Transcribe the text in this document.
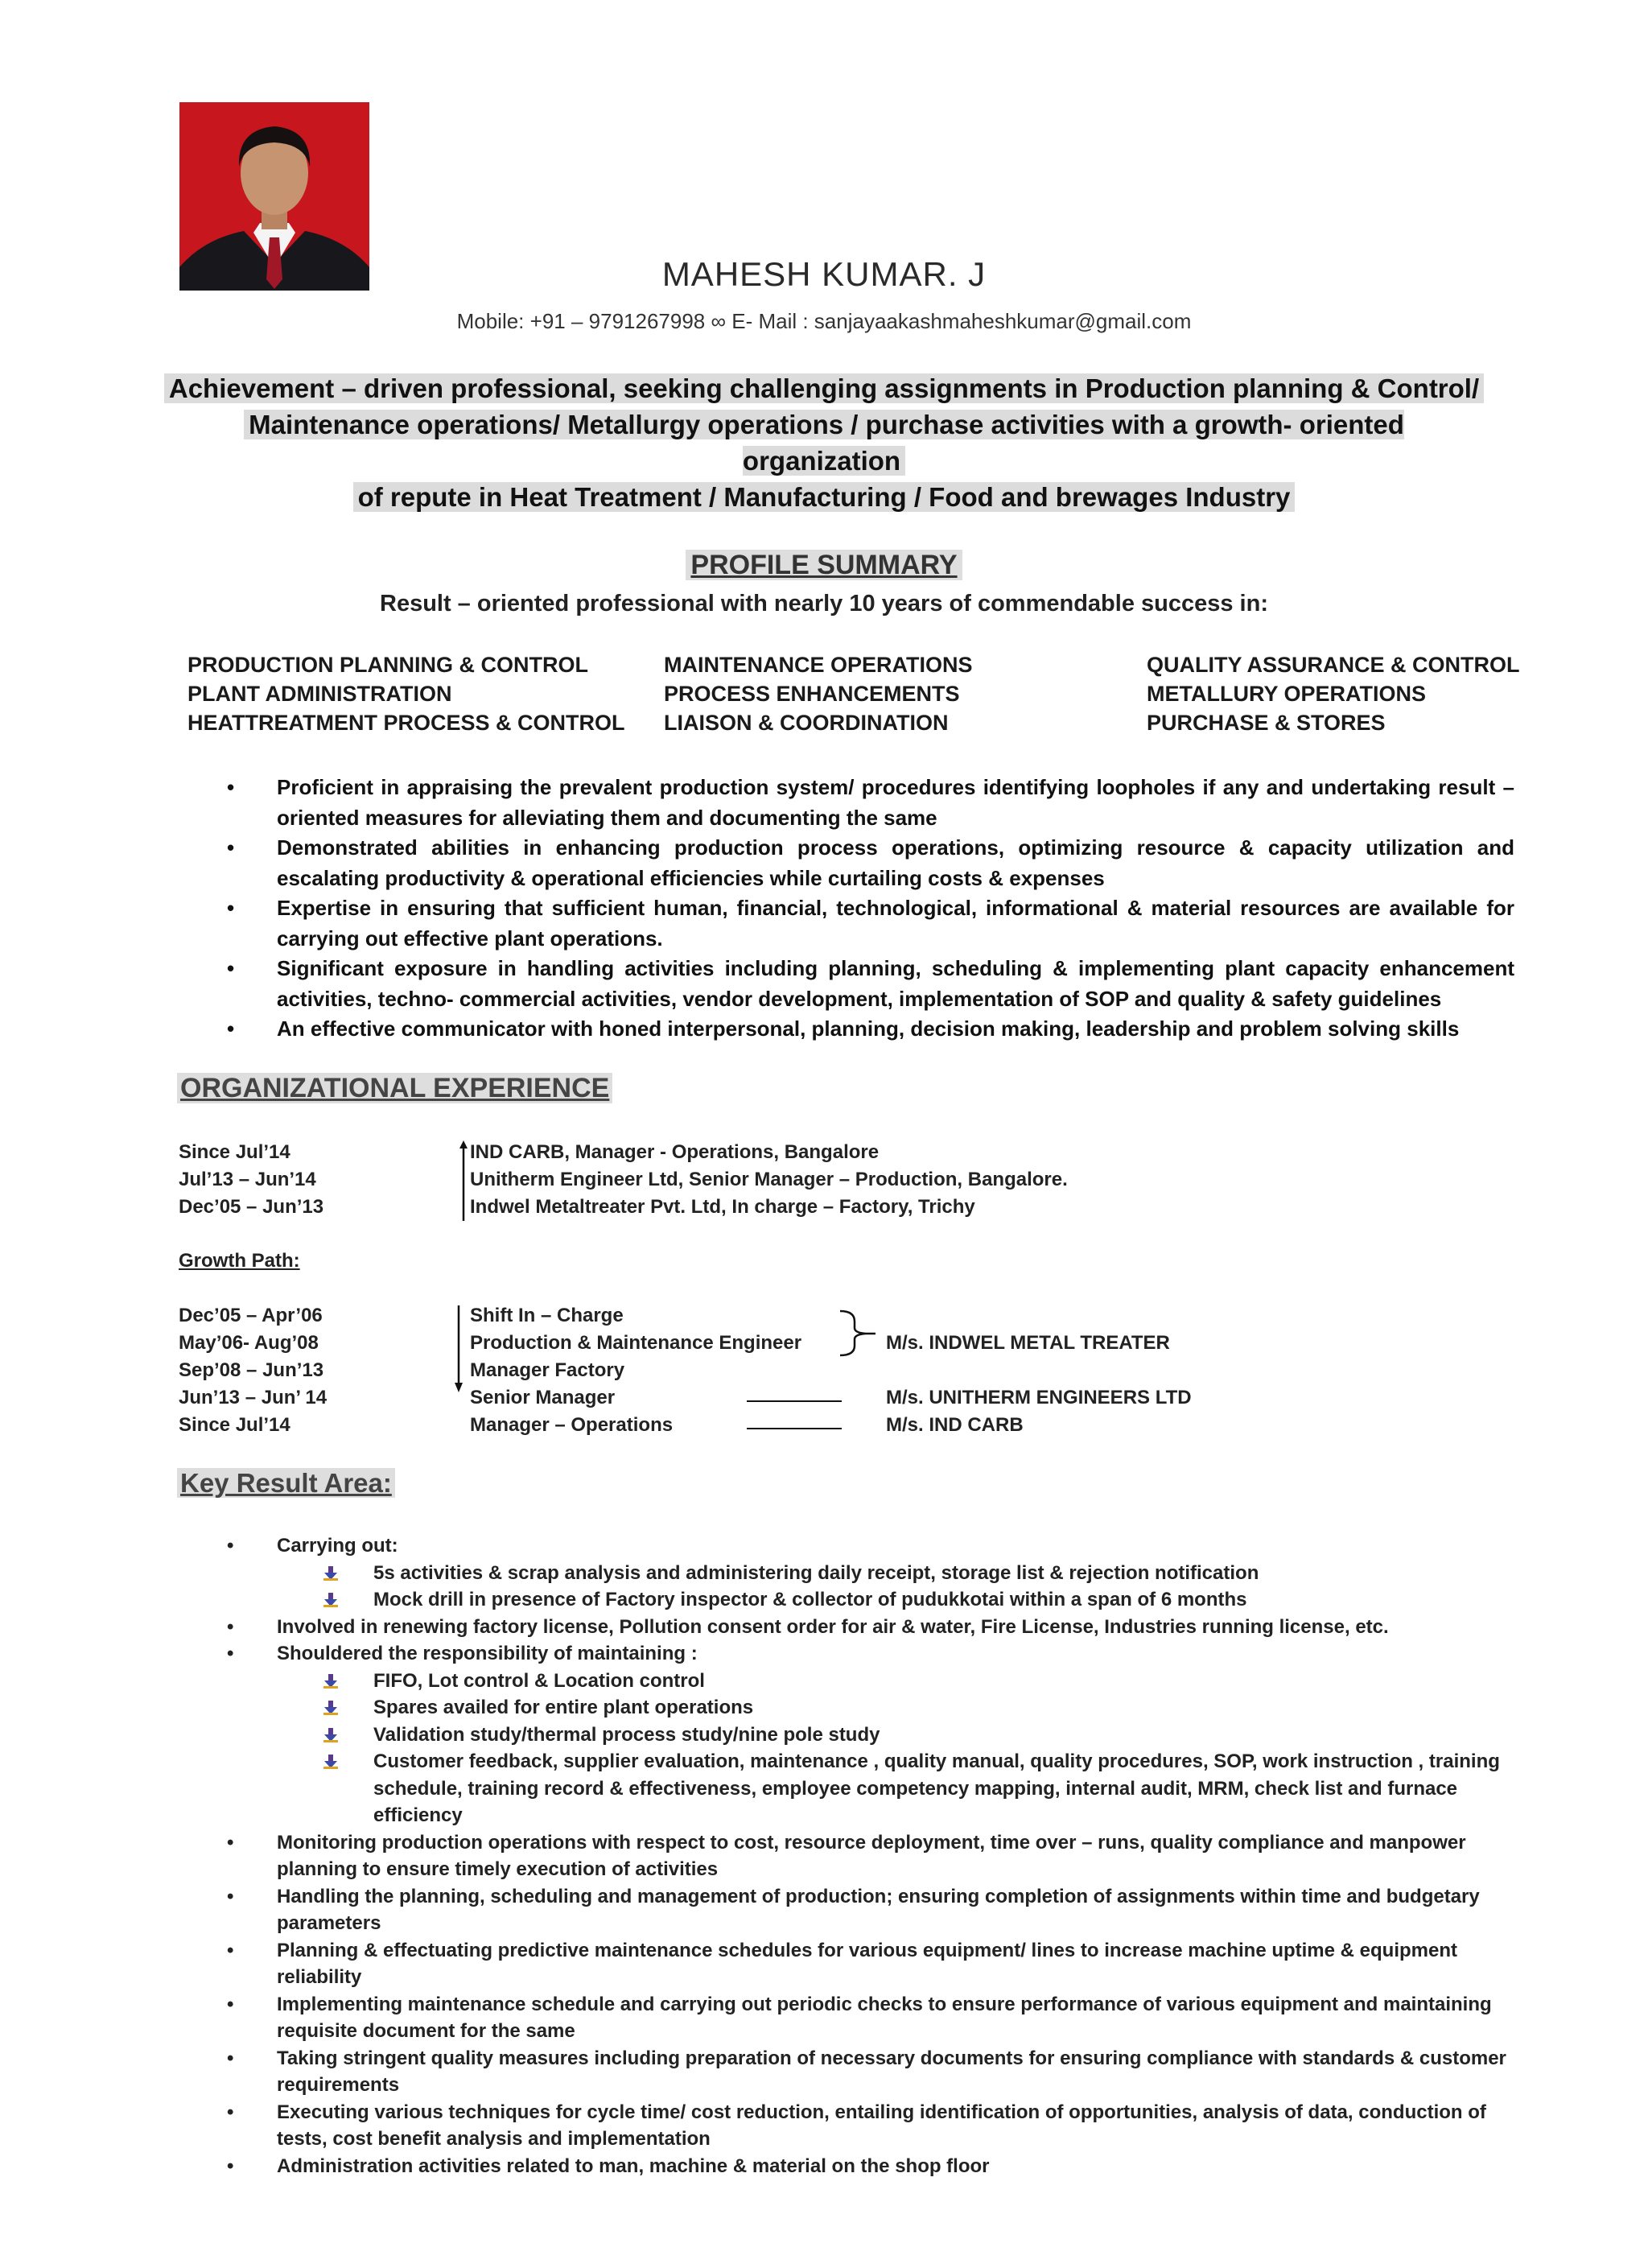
MAHESH KUMAR. J
Mobile: +91 – 9791267998 ∞ E- Mail : sanjayaakashmaheshkumar@gmail.com
Achievement – driven professional, seeking challenging assignments in Production planning & Control/
Maintenance operations/ Metallurgy operations / purchase activities with a growth- oriented organization
of repute in Heat Treatment / Manufacturing / Food and brewages Industry
PROFILE SUMMARY
Result – oriented professional with nearly 10 years of commendable success in:
PRODUCTION PLANNING & CONTROL
PLANT ADMINISTRATION
HEATTREATMENT PROCESS & CONTROL
MAINTENANCE OPERATIONS
PROCESS ENHANCEMENTS
LIAISON & COORDINATION
QUALITY ASSURANCE & CONTROL
METALLURY OPERATIONS
PURCHASE & STORES
• Proficient in appraising the prevalent production system/ procedures identifying loopholes if any and undertaking result – oriented measures for alleviating them and documenting the same
• Demonstrated abilities in enhancing production process operations, optimizing resource & capacity utilization and escalating productivity & operational efficiencies while curtailing costs & expenses
• Expertise in ensuring that sufficient human, financial, technological, informational & material resources are available for carrying out effective plant operations.
• Significant exposure in handling activities including planning, scheduling & implementing plant capacity enhancement activities, techno- commercial activities, vendor development, implementation of SOP and quality & safety guidelines
• An effective communicator with honed interpersonal, planning, decision making, leadership and problem solving skills
ORGANIZATIONAL EXPERIENCE
Since Jul’14
Jul’13 – Jun’14
Dec’05 – Jun’13
IND CARB, Manager - Operations, Bangalore
Unitherm Engineer Ltd, Senior Manager – Production, Bangalore.
Indwel Metaltreater Pvt. Ltd, In charge – Factory, Trichy
Growth Path:
Dec’05 – Apr’06
May’06- Aug’08
Sep’08 – Jun’13
Jun’13 – Jun’ 14
Since Jul’14
Shift In – Charge
Production & Maintenance Engineer
Manager Factory
Senior Manager
Manager – Operations
M/s. INDWEL METAL TREATER
M/s. UNITHERM ENGINEERS LTD
M/s. IND CARB
Key Result Area:
• Carrying out:
5s activities & scrap analysis and administering daily receipt, storage list & rejection notification
Mock drill in presence of Factory inspector & collector of pudukkotai within a span of 6 months
• Involved in renewing factory license, Pollution consent order for air & water, Fire License, Industries running license, etc.
• Shouldered the responsibility of maintaining :
FIFO, Lot control & Location control
Spares availed for entire plant operations
Validation study/thermal process study/nine pole study
Customer feedback, supplier evaluation, maintenance , quality manual, quality procedures, SOP, work instruction , training schedule, training record & effectiveness, employee competency mapping, internal audit, MRM, check list and furnace efficiency
• Monitoring production operations with respect to cost, resource deployment, time over – runs, quality compliance and manpower planning to ensure timely execution of activities
• Handling the planning, scheduling and management of production; ensuring completion of assignments within time and budgetary parameters
• Planning & effectuating predictive maintenance schedules for various equipment/ lines to increase machine uptime & equipment reliability
• Implementing maintenance schedule and carrying out periodic checks to ensure performance of various equipment and maintaining requisite document for the same
• Taking stringent quality measures including preparation of necessary documents for ensuring compliance with standards & customer requirements
• Executing various techniques for cycle time/ cost reduction, entailing identification of opportunities, analysis of data, conduction of tests, cost benefit analysis and implementation
• Administration activities related to man, machine & material on the shop floor
